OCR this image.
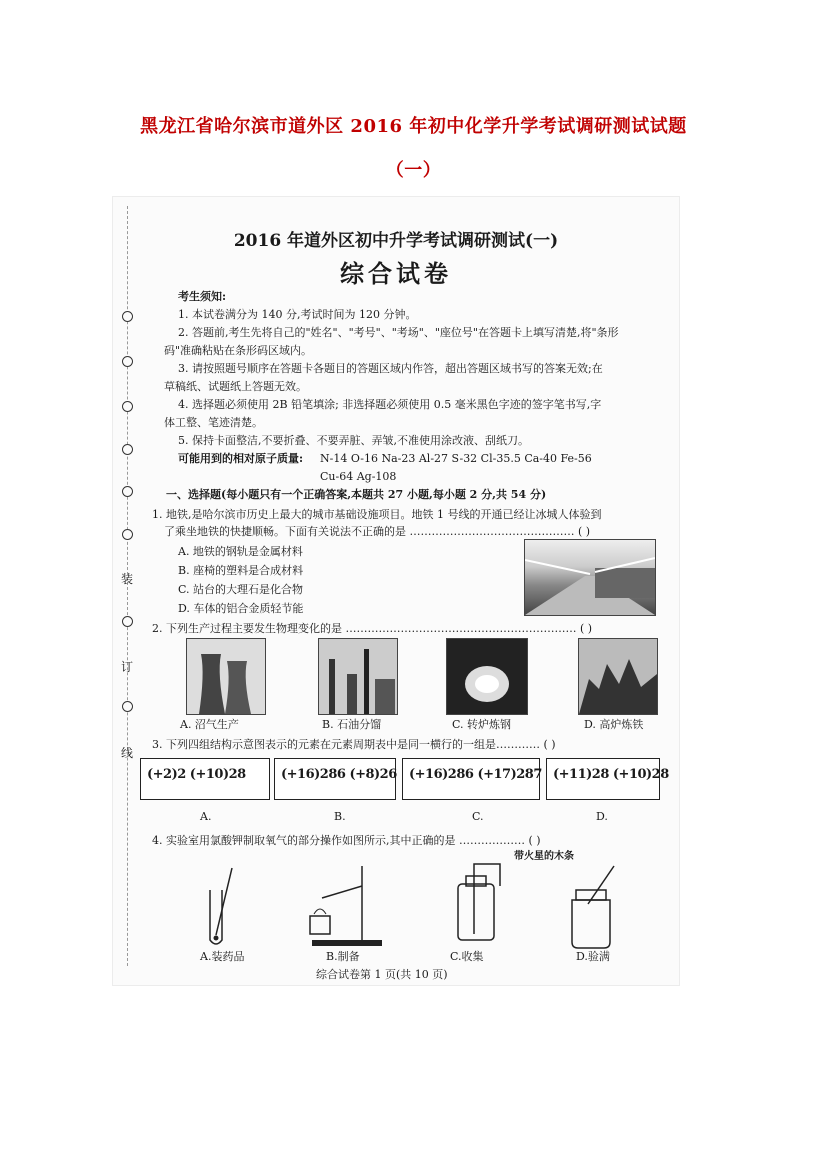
黑龙江省哈尔滨市道外区 2016 年初中化学升学考试调研测试试题
（一）
装
订
线
2016 年道外区初中升学考试调研测试(一)
综合试卷
考生须知:
1. 本试卷满分为 140 分,考试时间为 120 分钟。
2. 答题前,考生先将自己的"姓名"、"考号"、"考场"、"座位号"在答题卡上填写清楚,将"条形
码"准确粘贴在条形码区域内。
3. 请按照题号顺序在答题卡各题目的答题区域内作答，超出答题区域书写的答案无效;在
草稿纸、试题纸上答题无效。
4. 选择题必须使用 2B 铅笔填涂; 非选择题必须使用 0.5 毫米黑色字迹的签字笔书写,字
体工整、笔迹清楚。
5. 保持卡面整洁,不要折叠、不要弄脏、弄皱,不准使用涂改液、刮纸刀。
可能用到的相对原子质量: N-14 O-16 Na-23 Al-27 S-32 Cl-35.5 Ca-40 Fe-56
Cu-64 Ag-108
一、选择题(每小题只有一个正确答案,本题共 27 小题,每小题 2 分,共 54 分)
1. 地铁,是哈尔滨市历史上最大的城市基础设施项目。地铁 1 号线的开通已经让冰城人体验到
了乘坐地铁的快捷顺畅。下面有关说法不正确的是 ……………………………………… ( )
A. 地铁的钢轨是金属材料
B. 座椅的塑料是合成材料
C. 站台的大理石是化合物
D. 车体的铝合金质轻节能
2. 下列生产过程主要发生物理变化的是 ……………………………………………………… ( )
A. 沼气生产	B. 石油分馏	C. 转炉炼钢	D. 高炉炼铁
3. 下列四组结构示意图表示的元素在元素周期表中是同一横行的一组是………… ( )
(+2)2 (+10)28	(+16)286 (+8)26 (+16)286 (+17)287 (+11)28 (+10)28
A.	B.	C.	D.
4. 实验室用氯酸钾制取氧气的部分操作如图所示,其中正确的是 ……………… ( )
带火星的木条
A.装药品	B.制备	C.收集	D.验满
综合试卷第 1 页(共 10 页)
